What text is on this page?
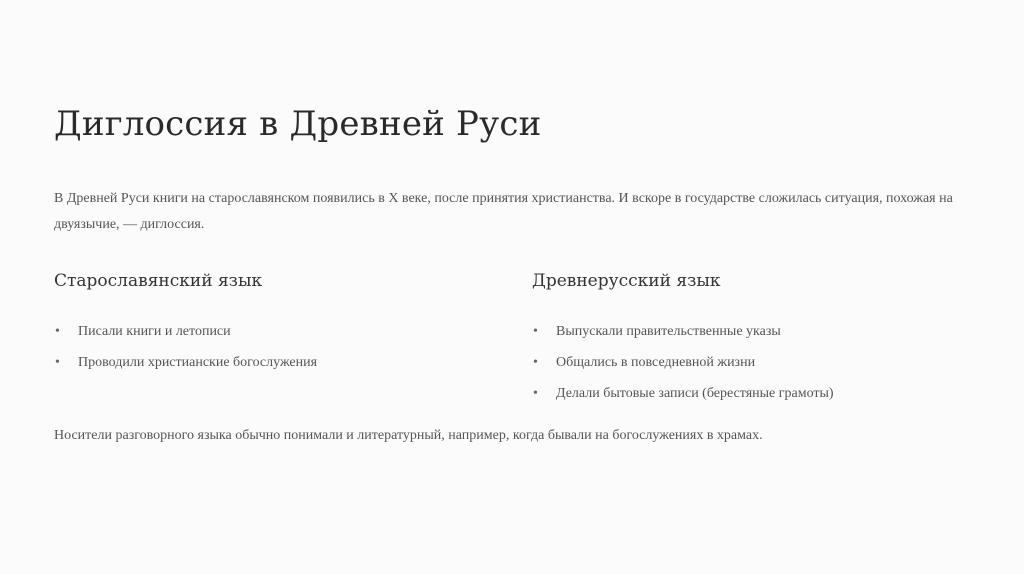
Диглоссия в Древней Руси

В Древней Руси книги на старославянском появились в X веке, после принятия христианства. И вскоре в государстве сложилась ситуация, похожая на двуязычие, — диглоссия.

Старославянский язык
• Писали книги и летописи
• Проводили христианские богослужения
Древнерусский язык
• Выпускали правительственные указы
• Общались в повседневной жизни
• Делали бытовые записи (берестяные грамоты)

Носители разговорного языка обычно понимали и литературный, например, когда бывали на богослужениях в храмах.
